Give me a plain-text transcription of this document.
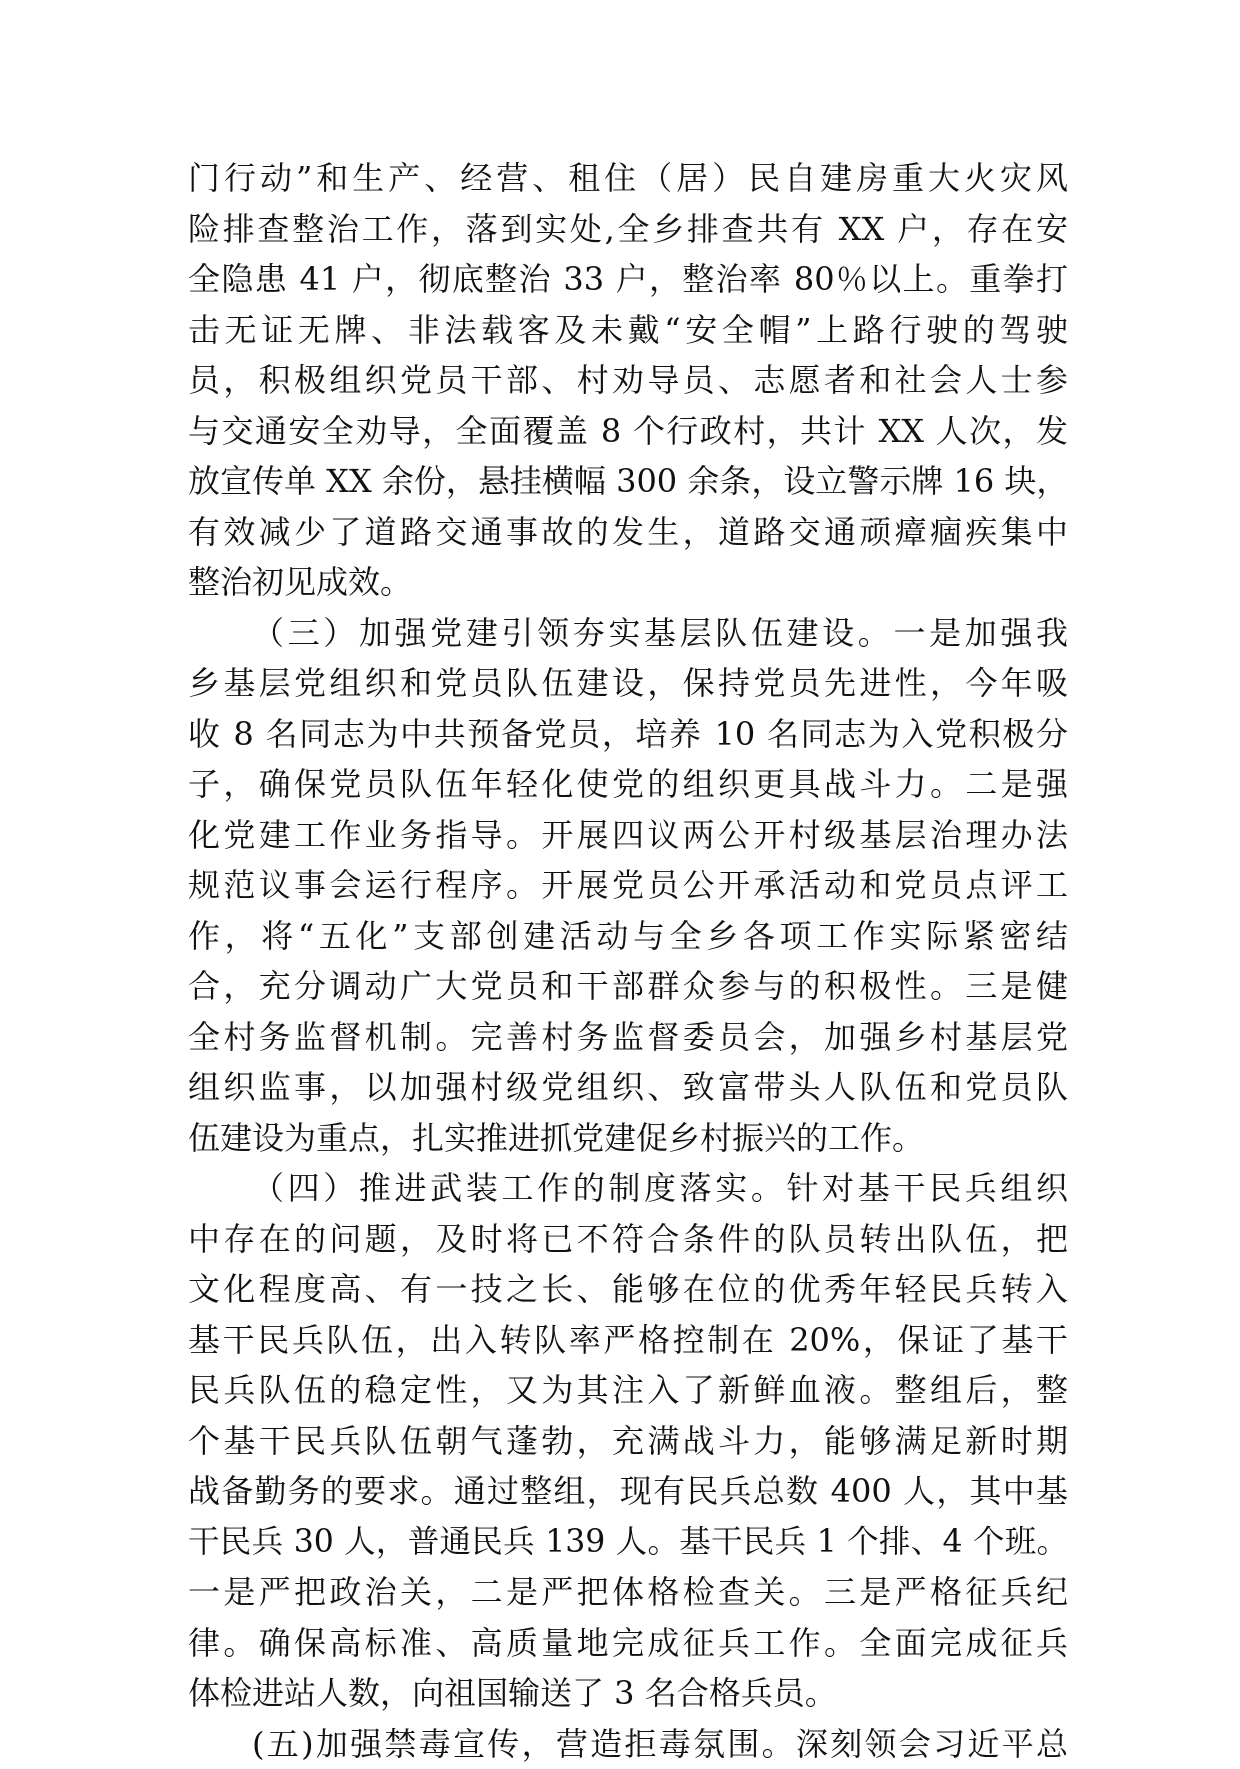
门行动”和生产、经营、租住（居）民自建房重大火灾风
险排查整治工作，落到实处,全乡排查共有 XX 户，存在安
全隐患 41 户，彻底整治 33 户，整治率 80％以上。重拳打
击无证无牌、非法载客及未戴“安全帽”上路行驶的驾驶
员，积极组织党员干部、村劝导员、志愿者和社会人士参
与交通安全劝导，全面覆盖 8 个行政村，共计 XX 人次，发
放宣传单 XX 余份，悬挂横幅 300 余条，设立警示牌 16 块，
有效减少了道路交通事故的发生，道路交通顽瘴痼疾集中
整治初见成效。
（三）加强党建引领夯实基层队伍建设。一是加强我
乡基层党组织和党员队伍建设，保持党员先进性，今年吸
收 8 名同志为中共预备党员，培养 10 名同志为入党积极分
子，确保党员队伍年轻化使党的组织更具战斗力。二是强
化党建工作业务指导。开展四议两公开村级基层治理办法
规范议事会运行程序。开展党员公开承活动和党员点评工
作，将“五化”支部创建活动与全乡各项工作实际紧密结
合，充分调动广大党员和干部群众参与的积极性。三是健
全村务监督机制。完善村务监督委员会，加强乡村基层党
组织监事，以加强村级党组织、致富带头人队伍和党员队
伍建设为重点，扎实推进抓党建促乡村振兴的工作。
（四）推进武装工作的制度落实。针对基干民兵组织
中存在的问题，及时将已不符合条件的队员转出队伍，把
文化程度高、有一技之长、能够在位的优秀年轻民兵转入
基干民兵队伍，出入转队率严格控制在 20%，保证了基干
民兵队伍的稳定性，又为其注入了新鲜血液。整组后，整
个基干民兵队伍朝气蓬勃，充满战斗力，能够满足新时期
战备勤务的要求。通过整组，现有民兵总数 400 人，其中基
干民兵 30 人，普通民兵 139 人。基干民兵 1 个排、4 个班。
一是严把政治关，二是严把体格检查关。三是严格征兵纪
律。确保高标准、高质量地完成征兵工作。全面完成征兵
体检进站人数，向祖国输送了 3 名合格兵员。
(五)加强禁毒宣传，营造拒毒氛围。深刻领会习近平总
